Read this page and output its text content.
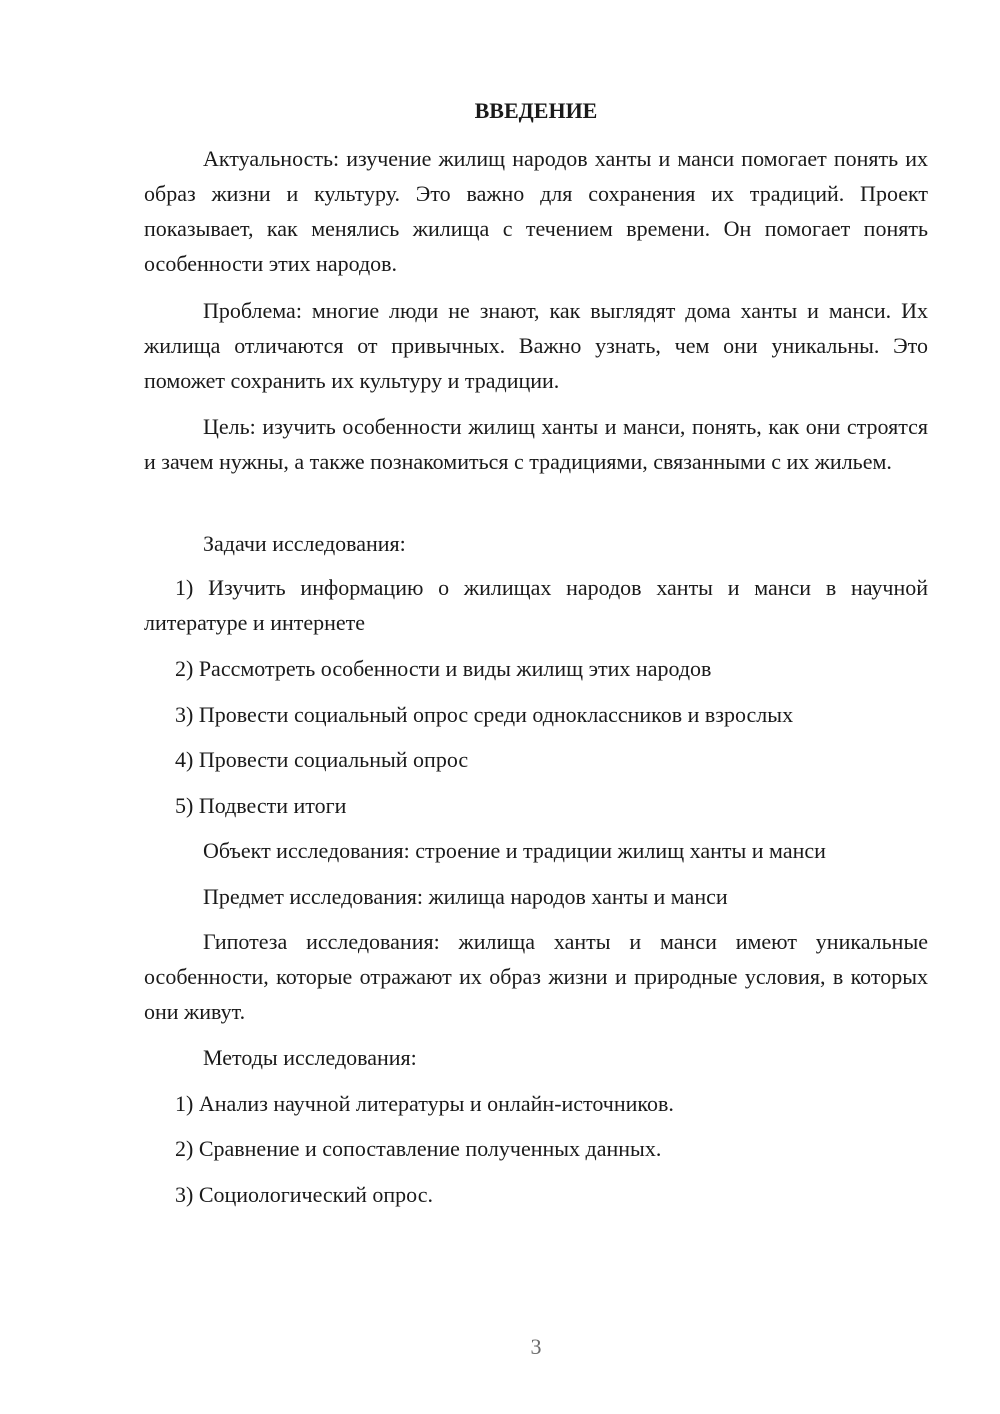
ВВЕДЕНИЕ

Актуальность: изучение жилищ народов ханты и манси помогает понять их образ жизни и культуру. Это важно для сохранения их традиций. Проект показывает, как менялись жилища с течением времени. Он помогает понять особенности этих народов.

Проблема: многие люди не знают, как выглядят дома ханты и манси. Их жилища отличаются от привычных. Важно узнать, чем они уникальны. Это поможет сохранить их культуру и традиции.

Цель: изучить особенности жилищ ханты и манси, понять, как они строятся и зачем нужны, а также познакомиться с традициями, связанными с их жильем.

Задачи исследования:

1) Изучить информацию о жилищах народов ханты и манси в научной литературе и интернете

2) Рассмотреть особенности и виды жилищ этих народов

3) Провести социальный опрос среди одноклассников и взрослых

4) Провести социальный опрос

5) Подвести итоги

Объект исследования: строение и традиции жилищ ханты и манси

Предмет исследования: жилища народов ханты и манси

Гипотеза исследования: жилища ханты и манси имеют уникальные особенности, которые отражают их образ жизни и природные условия, в которых они живут.

Методы исследования:

1) Анализ научной литературы и онлайн-источников.

2) Сравнение и сопоставление полученных данных.

3) Социологический опрос.

3
